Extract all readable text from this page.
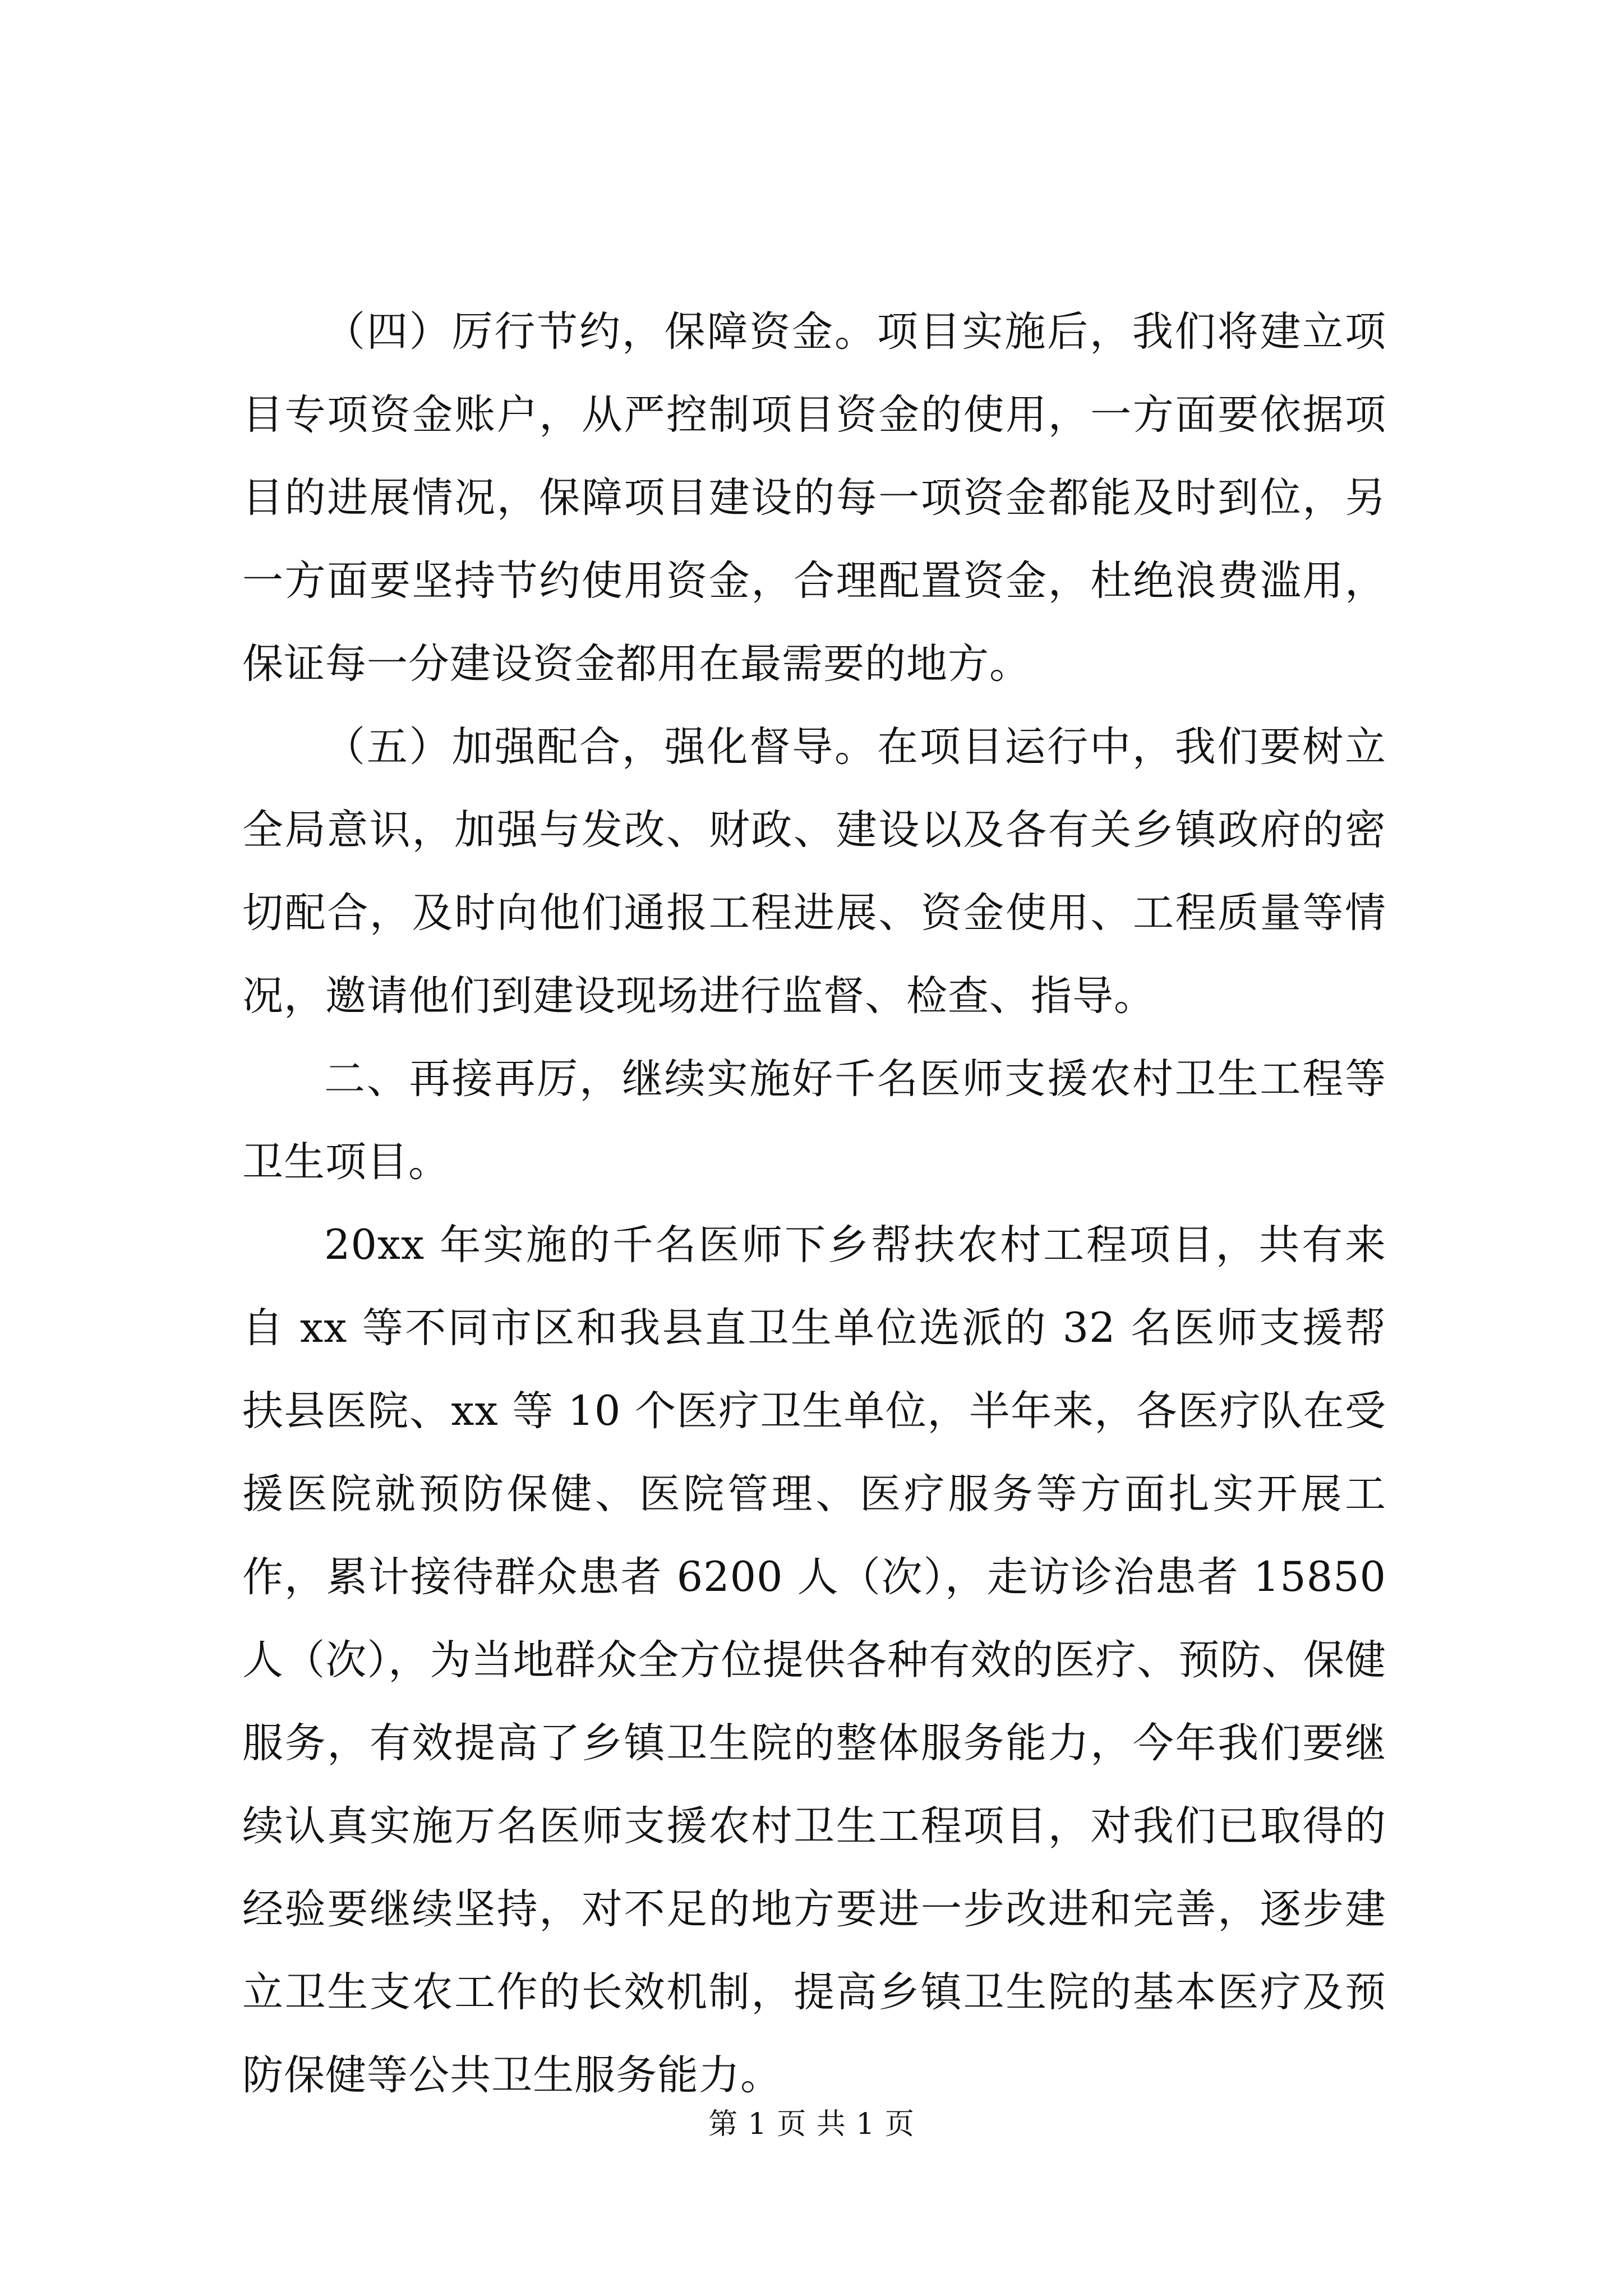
（四）厉行节约，保障资金。项目实施后，我们将建立项目专项资金账户，从严控制项目资金的使用，一方面要依据项目的进展情况，保障项目建设的每一项资金都能及时到位，另一方面要坚持节约使用资金，合理配置资金，杜绝浪费滥用，保证每一分建设资金都用在最需要的地方。

（五）加强配合，强化督导。在项目运行中，我们要树立全局意识，加强与发改、财政、建设以及各有关乡镇政府的密切配合，及时向他们通报工程进展、资金使用、工程质量等情况，邀请他们到建设现场进行监督、检查、指导。

二、再接再厉，继续实施好千名医师支援农村卫生工程等卫生项目。

20xx 年实施的千名医师下乡帮扶农村工程项目，共有来自 xx 等不同市区和我县直卫生单位选派的 32 名医师支援帮扶县医院、xx 等 10 个医疗卫生单位，半年来，各医疗队在受援医院就预防保健、医院管理、医疗服务等方面扎实开展工作，累计接待群众患者 6200 人（次），走访诊治患者 15850 人（次），为当地群众全方位提供各种有效的医疗、预防、保健服务，有效提高了乡镇卫生院的整体服务能力，今年我们要继续认真实施万名医师支援农村卫生工程项目，对我们已取得的经验要继续坚持，对不足的地方要进一步改进和完善，逐步建立卫生支农工作的长效机制，提高乡镇卫生院的基本医疗及预防保健等公共卫生服务能力。

第 1 页 共 1 页
